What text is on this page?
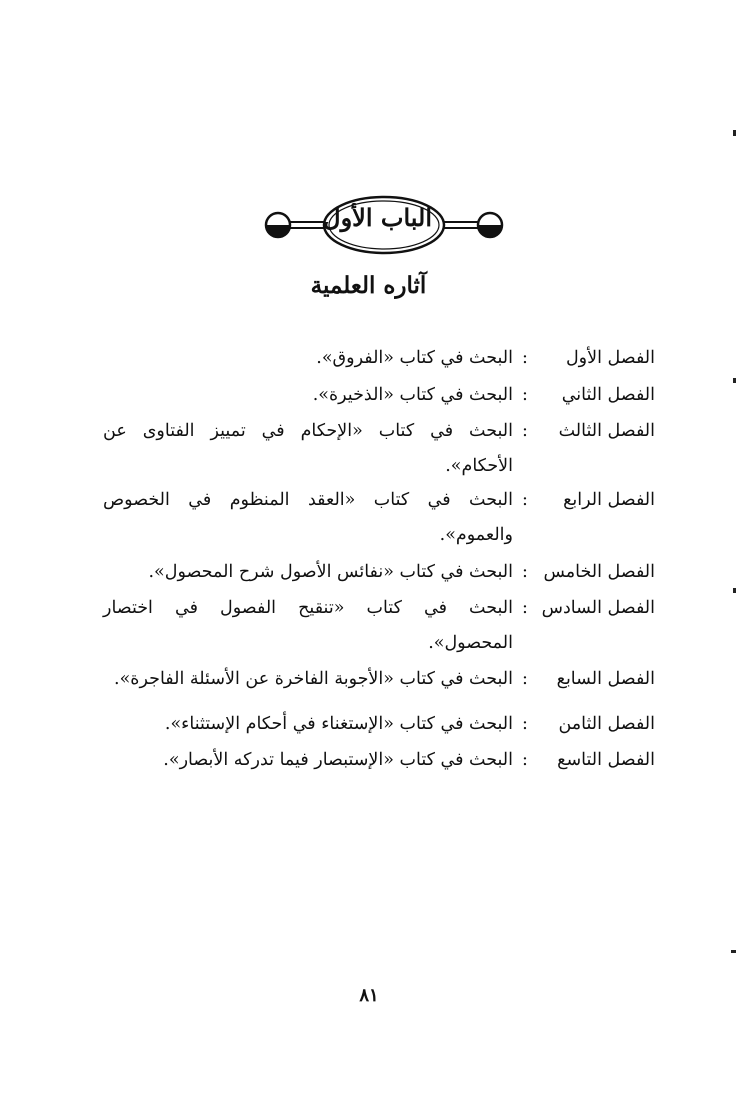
الباب الأول
آثاره العلمية
الفصل الأول
:
البحث في كتاب «الفروق».
الفصل الثاني
:
البحث في كتاب «الذخيرة».
الفصل الثالث
:
البحث في كتاب «الإحكام في تمييز الفتاوى عن
الأحكام».
الفصل الرابع
:
البحث في كتاب «العقد المنظوم في الخصوص
والعموم».
الفصل الخامس
:
البحث في كتاب «نفائس الأصول شرح المحصول».
الفصل السادس
:
البحث في كتاب «تنقيح الفصول في اختصار
المحصول».
الفصل السابع
:
البحث في كتاب «الأجوبة الفاخرة عن الأسئلة الفاجرة».
الفصل الثامن
:
البحث في كتاب «الإستغناء في أحكام الإستثناء».
الفصل التاسع
:
البحث في كتاب «الإستبصار فيما تدركه الأبصار».
٨١
